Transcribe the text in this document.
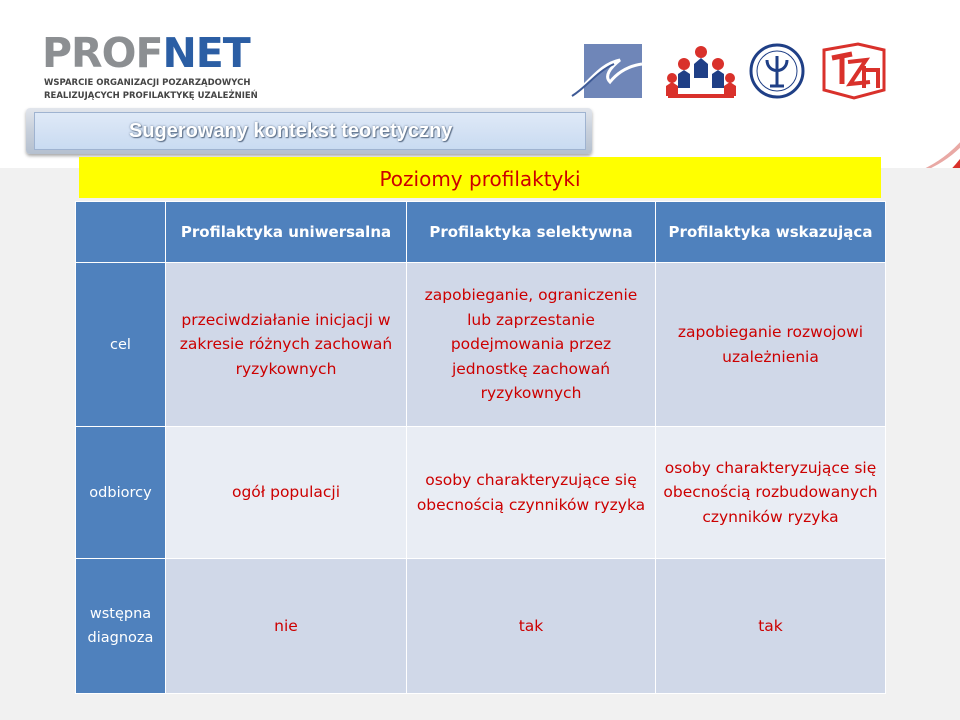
PROFNET
WSPARCIE ORGANIZACJI POZARZĄDOWYCH
REALIZUJĄCYCH PROFILAKTYKĘ UZALEŻNIEŃ
Sugerowany kontekst teoretyczny
Poziomy profilaktyki
	Profilaktyka uniwersalna	Profilaktyka selektywna	Profilaktyka wskazująca
cel	przeciwdziałanie inicjacji w zakresie różnych zachowań ryzykownych	zapobieganie, ograniczenie lub zaprzestanie podejmowania przez jednostkę zachowań ryzykownych	zapobieganie rozwojowi uzależnienia
odbiorcy	ogół populacji	osoby charakteryzujące się obecnością czynników ryzyka	osoby charakteryzujące się obecnością rozbudowanych czynników ryzyka
wstępna diagnoza	nie	tak	tak
